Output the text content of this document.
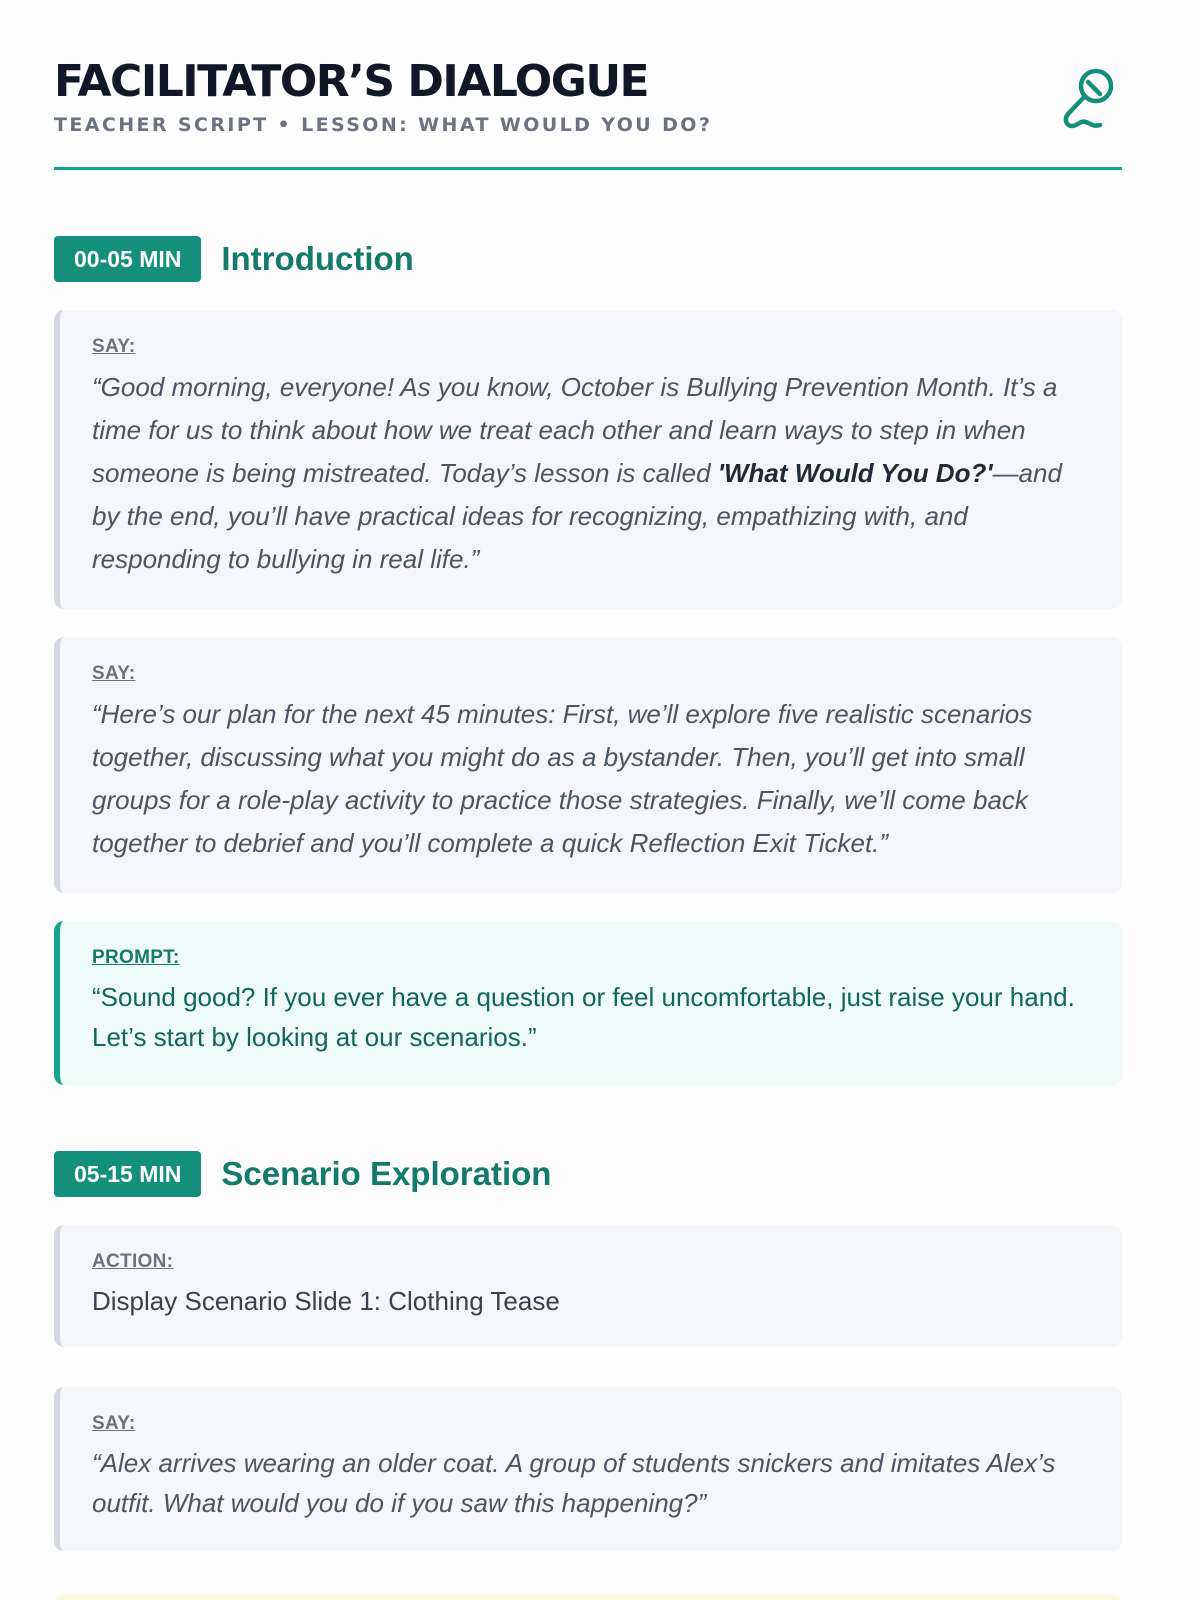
FACILITATOR’S DIALOGUE
TEACHER SCRIPT • LESSON: WHAT WOULD YOU DO?
00-05 MIN	Introduction
SAY:

“Good morning, everyone! As you know, October is Bullying Prevention Month. It’s a time for us to think about how we treat each other and learn ways to step in when someone is being mistreated. Today’s lesson is called 'What Would You Do?'—and by the end, you’ll have practical ideas for recognizing, empathizing with, and responding to bullying in real life.”

SAY:

“Here’s our plan for the next 45 minutes: First, we’ll explore five realistic scenarios together, discussing what you might do as a bystander. Then, you’ll get into small groups for a role-play activity to practice those strategies. Finally, we’ll come back together to debrief and you’ll complete a quick Reflection Exit Ticket.”

PROMPT:

“Sound good? If you ever have a question or feel uncomfortable, just raise your hand. Let’s start by looking at our scenarios.”

05-15 MIN	Scenario Exploration
ACTION:

Display Scenario Slide 1: Clothing Tease

SAY:

“Alex arrives wearing an older coat. A group of students snickers and imitates Alex’s outfit. What would you do if you saw this happening?”
